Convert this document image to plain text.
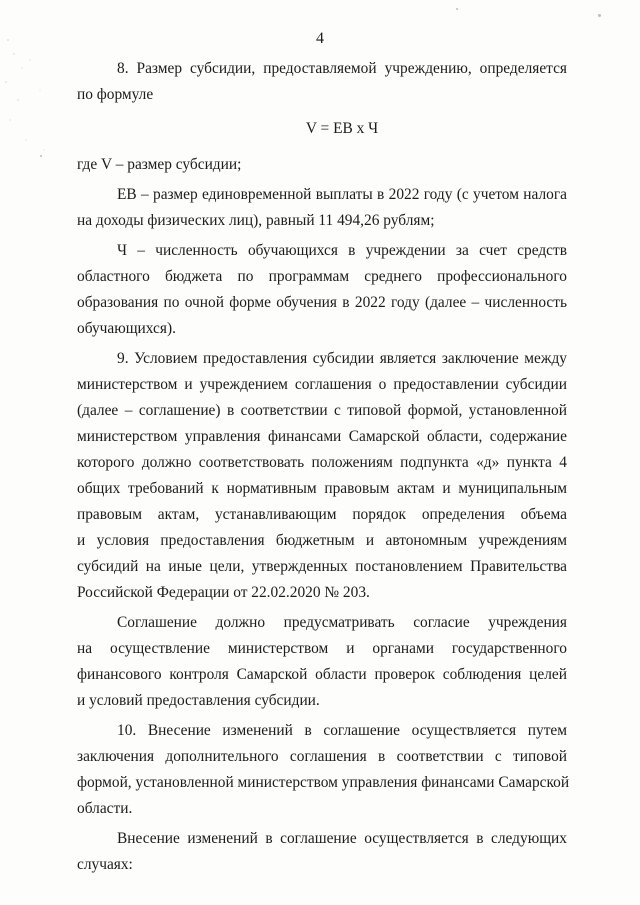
4
8. Размер субсидии, предоставляемой учреждению, определяется
по формуле
V = ЕВ х Ч
где V – размер субсидии;
ЕВ – размер единовременной выплаты в 2022 году (с учетом налога
на доходы физических лиц), равный 11 494,26 рублям;
Ч – численность обучающихся в учреждении за счет средств
областного бюджета по программам среднего профессионального
образования по очной форме обучения в 2022 году (далее – численность
обучающихся).
9. Условием предоставления субсидии является заключение между
министерством и учреждением соглашения о предоставлении субсидии
(далее – соглашение) в соответствии с типовой формой, установленной
министерством управления финансами Самарской области, содержание
которого должно соответствовать положениям подпункта «д» пункта 4
общих требований к нормативным правовым актам и муниципальным
правовым актам, устанавливающим порядок определения объема
и условия предоставления бюджетным и автономным учреждениям
субсидий на иные цели, утвержденных постановлением Правительства
Российской Федерации от 22.02.2020 № 203.
Соглашение должно предусматривать согласие учреждения
на осуществление министерством и органами государственного
финансового контроля Самарской области проверок соблюдения целей
и условий предоставления субсидии.
10. Внесение изменений в соглашение осуществляется путем
заключения дополнительного соглашения в соответствии с типовой
формой, установленной министерством управления финансами Самарской
области.
Внесение изменений в соглашение осуществляется в следующих
случаях:
